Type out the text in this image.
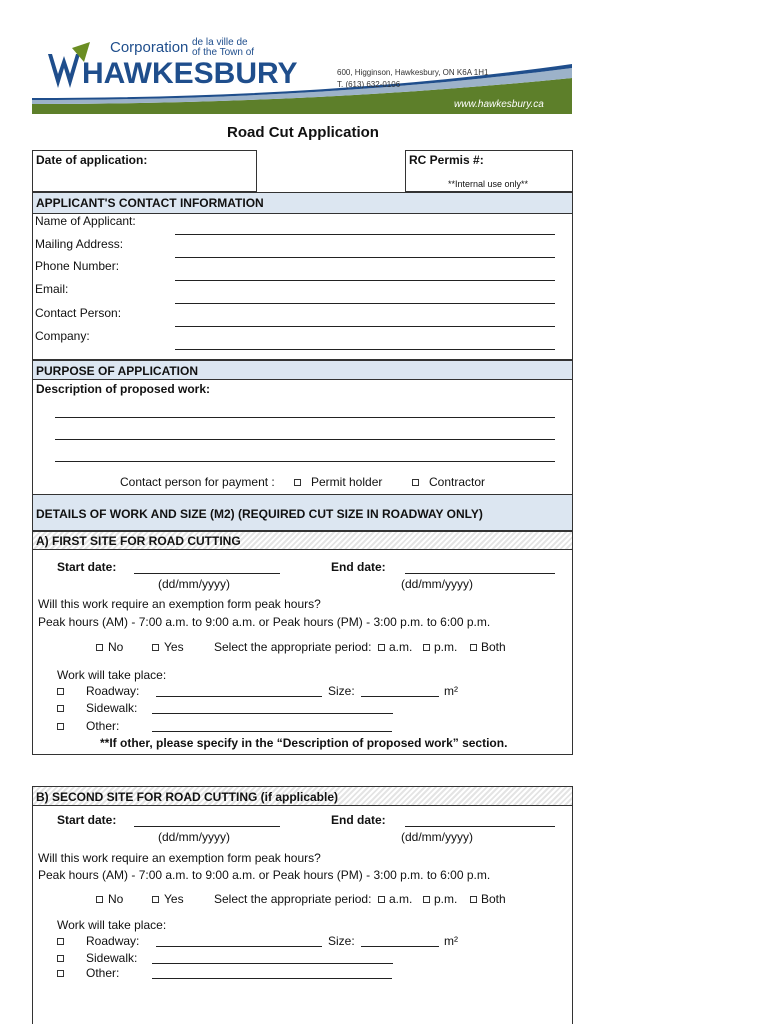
Corporation de la ville de
of the Town of
HAWKESBURY	600, Higginson, Hawkesbury, ON K6A 1H1
T. (613) 632-0106
www.hawkesbury.ca
Road Cut Application
Date of application:	RC Permis #:
**Internal use only**
APPLICANT'S CONTACT INFORMATION
Name of Applicant:
Mailing Address:
Phone Number:
Email:
Contact Person:
Company:
PURPOSE OF APPLICATION
Description of proposed work:
Contact person for payment :	Permit holder	Contractor
DETAILS OF WORK AND SIZE (M2) (REQUIRED CUT SIZE IN ROADWAY ONLY)
A) FIRST SITE FOR ROAD CUTTING
Start date:
(dd/mm/yyyy)
End date:
(dd/mm/yyyy)
Will this work require an exemption form peak hours?
Peak hours (AM) - 7:00 a.m. to 9:00 a.m. or Peak hours (PM) - 3:00 p.m. to 6:00 p.m.
No	Yes	Select the appropriate period: a.m. p.m. Both
Work will take place:
Roadway:	Size:	m²
Sidewalk:
Other:
**If other, please specify in the “Description of proposed work” section.
B) SECOND SITE FOR ROAD CUTTING (if applicable)
Start date:
(dd/mm/yyyy)
End date:
(dd/mm/yyyy)
Will this work require an exemption form peak hours?
Peak hours (AM) - 7:00 a.m. to 9:00 a.m. or Peak hours (PM) - 3:00 p.m. to 6:00 p.m.
No	Yes	Select the appropriate period: a.m. p.m. Both
Work will take place:
Roadway:	Size:	m²
Sidewalk:
Other:
